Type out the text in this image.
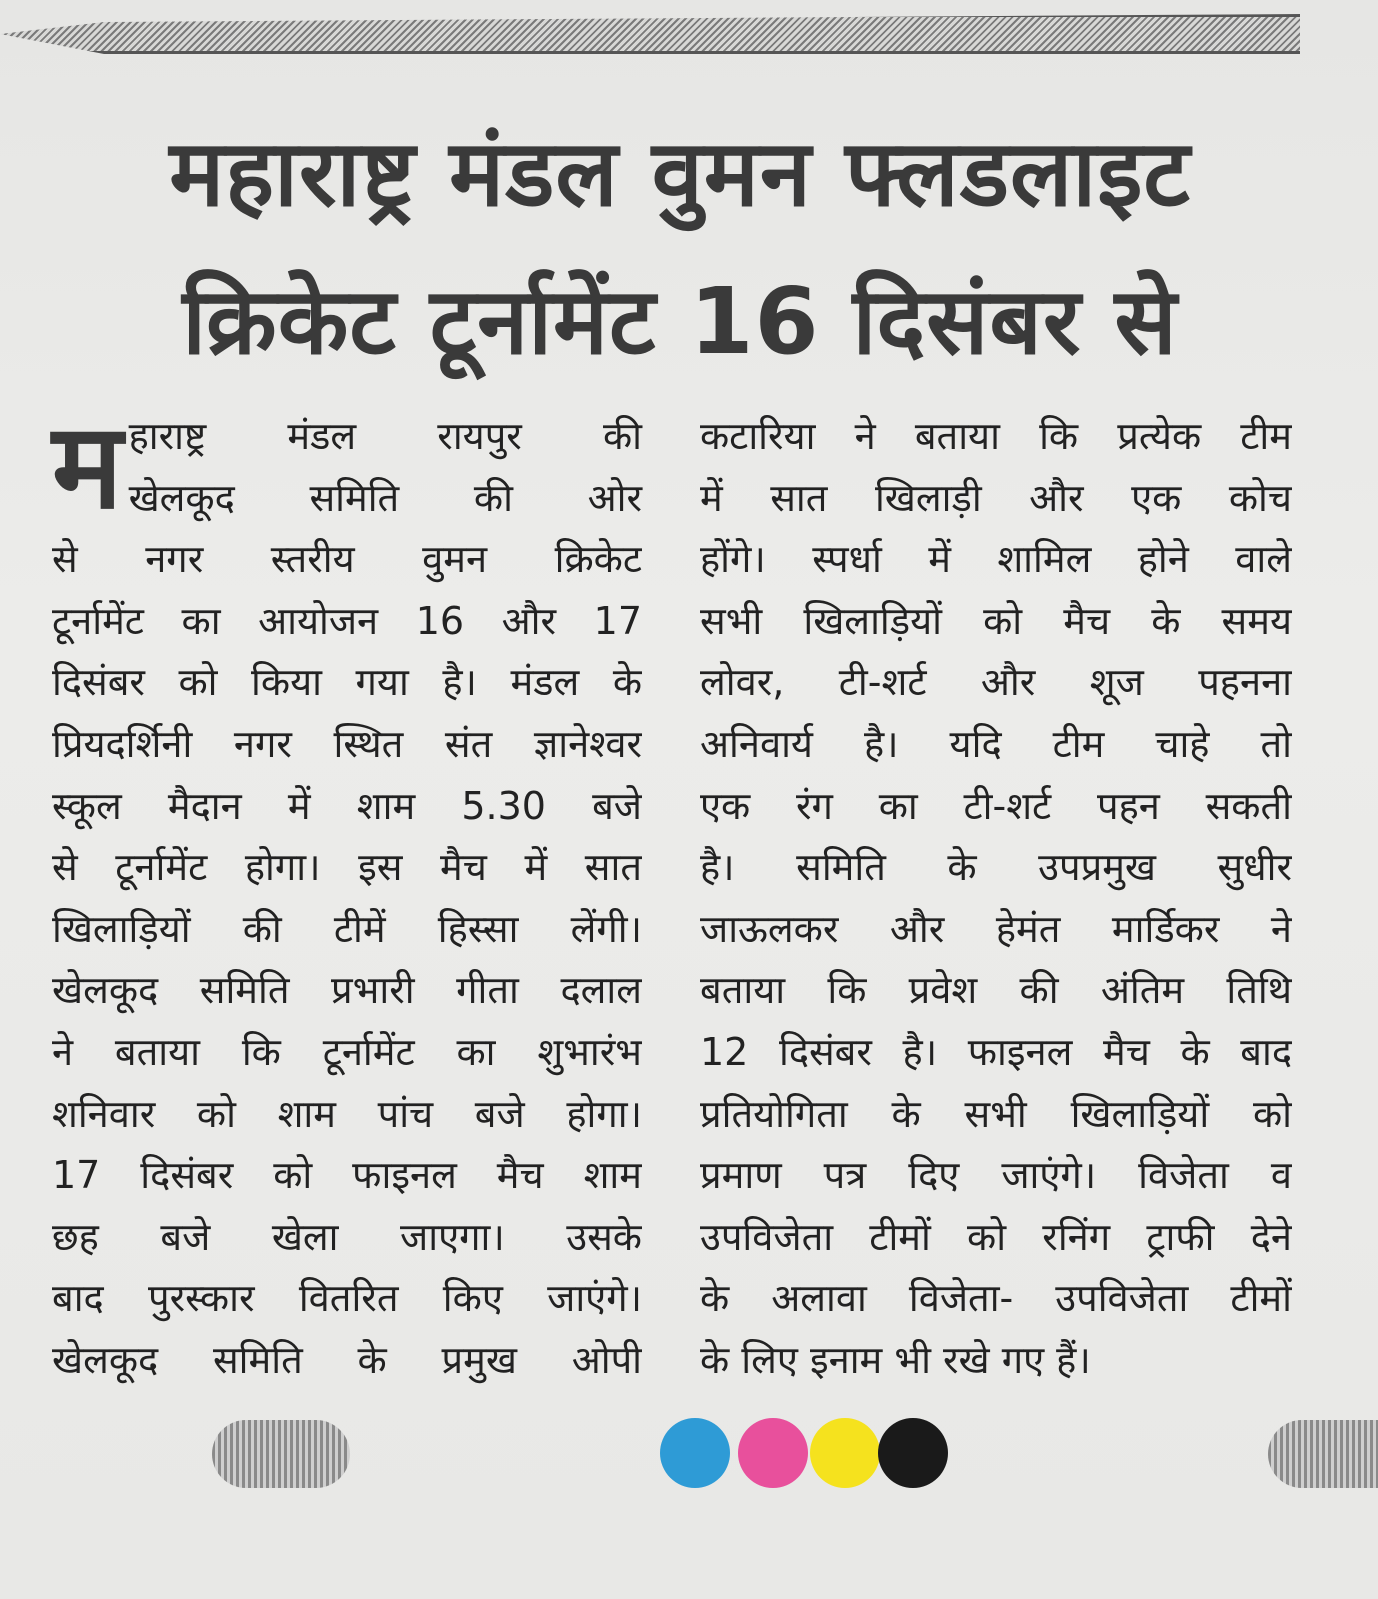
महाराष्ट्र मंडल वुमन फ्लडलाइट
क्रिकेट टूर्नामेंट 16 दिसंबर से
म हाराष्ट्र मंडल रायपुर की
खेलकूद समिति की ओर
से नगर स्तरीय वुमन क्रिकेट
टूर्नामेंट का आयोजन 16 और 17
दिसंबर को किया गया है। मंडल के
प्रियदर्शिनी नगर स्थित संत ज्ञानेश्वर
स्कूल मैदान में शाम 5.30 बजे
से टूर्नामेंट होगा। इस मैच में सात
खिलाड़ियों की टीमें हिस्सा लेंगी।
खेलकूद समिति प्रभारी गीता दलाल
ने बताया कि टूर्नामेंट का शुभारंभ
शनिवार को शाम पांच बजे होगा।
17 दिसंबर को फाइनल मैच शाम
छह बजे खेला जाएगा। उसके
बाद पुरस्कार वितरित किए जाएंगे।
खेलकूद समिति के प्रमुख ओपी
कटारिया ने बताया कि प्रत्येक टीम
में सात खिलाड़ी और एक कोच
होंगे। स्पर्धा में शामिल होने वाले
सभी खिलाड़ियों को मैच के समय
लोवर, टी-शर्ट और शूज पहनना
अनिवार्य है। यदि टीम चाहे तो
एक रंग का टी-शर्ट पहन सकती
है। समिति के उपप्रमुख सुधीर
जाऊलकर और हेमंत मार्डिकर ने
बताया कि प्रवेश की अंतिम तिथि
12 दिसंबर है। फाइनल मैच के बाद
प्रतियोगिता के सभी खिलाड़ियों को
प्रमाण पत्र दिए जाएंगे। विजेता व
उपविजेता टीमों को रनिंग ट्राफी देने
के अलावा विजेता- उपविजेता टीमों
के लिए इनाम भी रखे गए हैं।
